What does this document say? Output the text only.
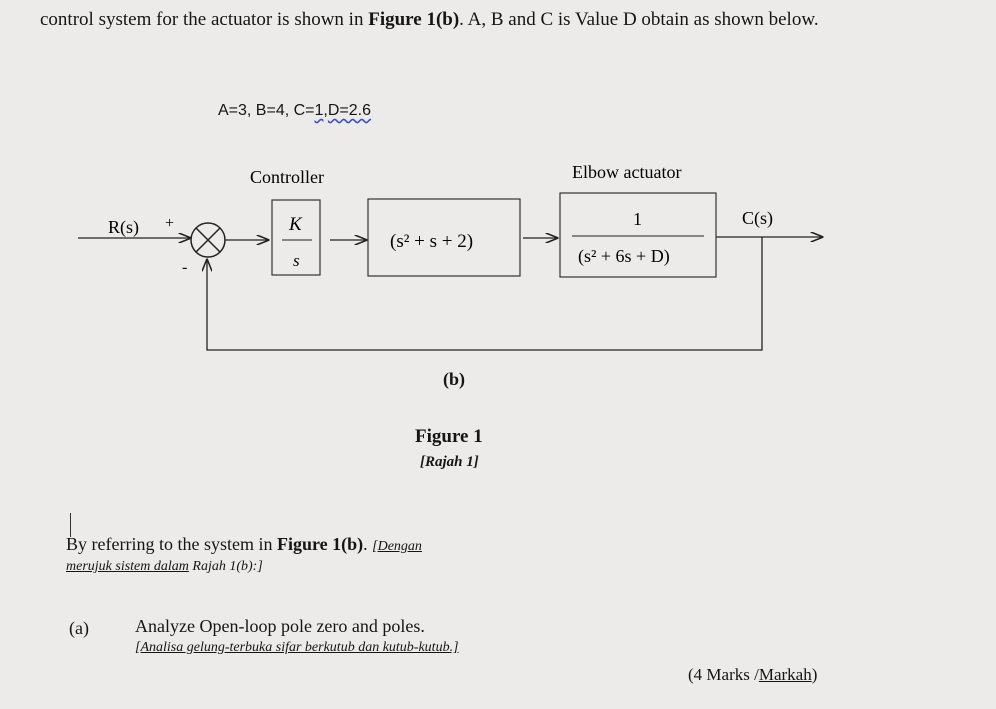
control system for the actuator is shown in Figure 1(b). A, B and C is Value D obtain as shown below.
A=3, B=4, C=1,D=2.6
R(s) +
-
Controller
K
s
(s² + s + 2)
Elbow actuator
1
(s² + 6s + D)
C(s)
(b)
Figure 1
[Rajah 1]
By referring to the system in Figure 1(b). [Dengan
merujuk sistem dalam Rajah 1(b):]
(a)	Analyze Open-loop pole zero and poles.
[Analisa gelung-terbuka sifar berkutub dan kutub-kutub.]
(4 Marks /Markah)
